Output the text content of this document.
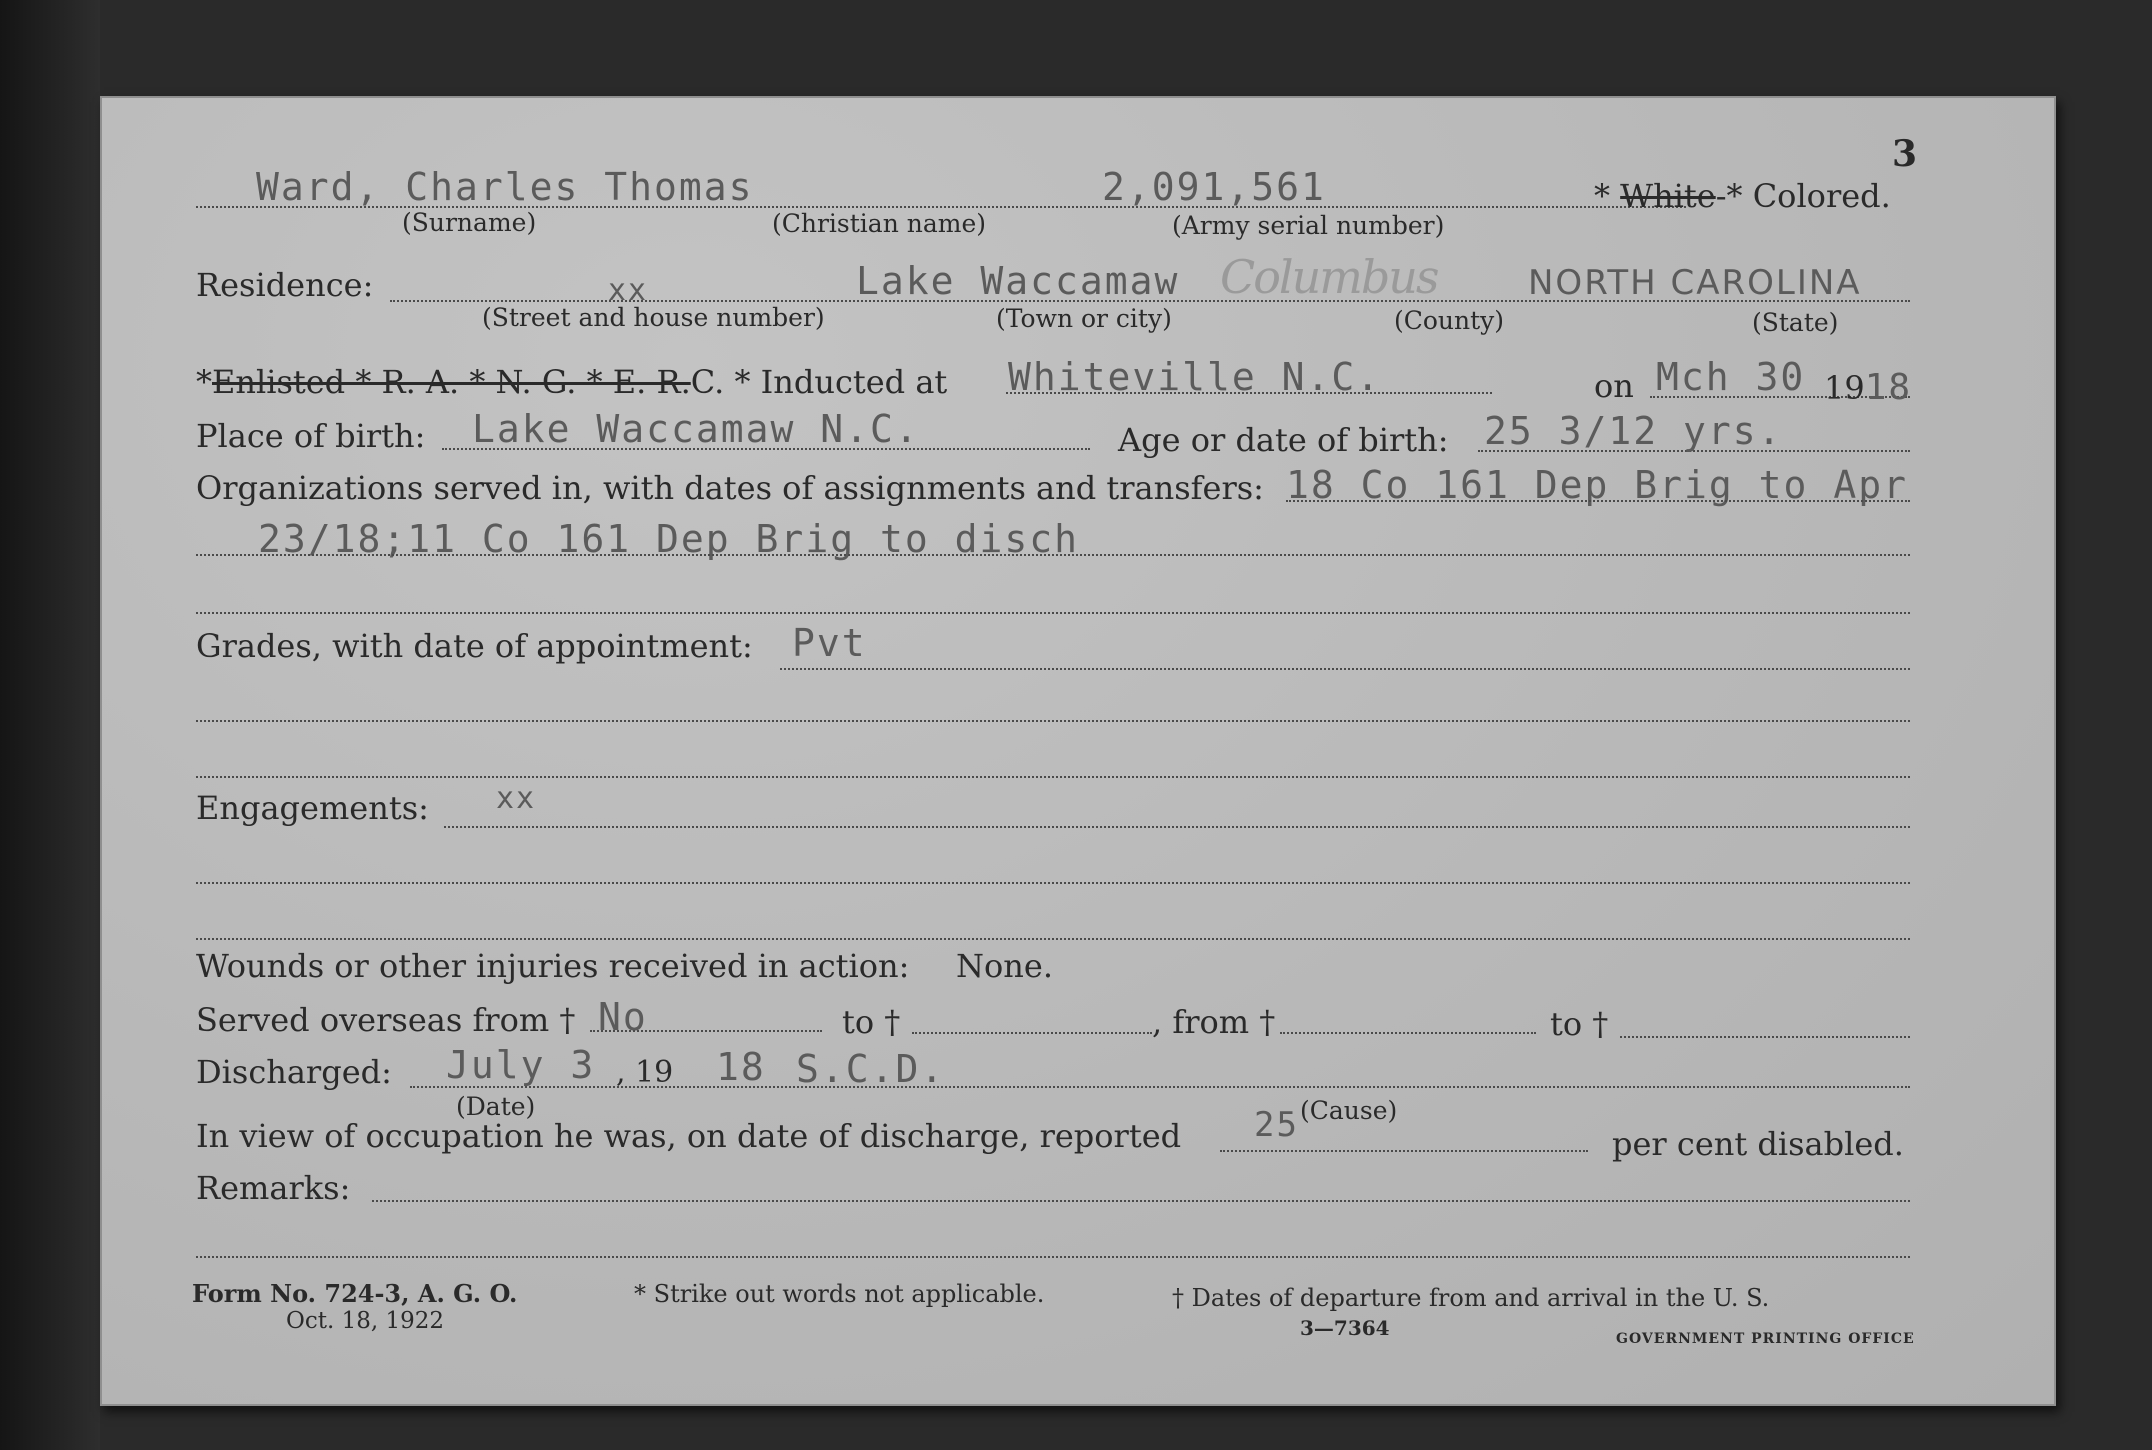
3
Ward, Charles Thomas	2,091,561	* White-* Colored.
(Surname)	(Christian name)	(Army serial number)
Residence:	xx	Lake Waccamaw Columbus	NORTH CAROLINA
(Street and house number)	(Town or city)	(County)	(State)
*Enlisted * R. A. * N. G. * E. R.C. * Inducted at Whiteville N.C.	on Mch 30 1918
Place of birth: Lake Waccamaw N.C.	Age or date of birth: 25 3/12 yrs.
Organizations served in, with dates of assignments and transfers: 18 Co 161 Dep Brig to Apr
23/18;11 Co 161 Dep Brig to disch
Grades, with date of appointment: Pvt
Engagements: xx
Wounds or other injuries received in action: None.
Served overseas from † No	to †	, from †	to †
Discharged: July 3 , 19 18 S.C.D.
(Date)	(Cause)
In view of occupation he was, on date of discharge, reported 25	per cent disabled.
Remarks:
Form No. 724-3, A. G. O.
Oct. 18, 1922
* Strike out words not applicable.	† Dates of departure from and arrival in the U. S.
3—7364	GOVERNMENT PRINTING OFFICE
